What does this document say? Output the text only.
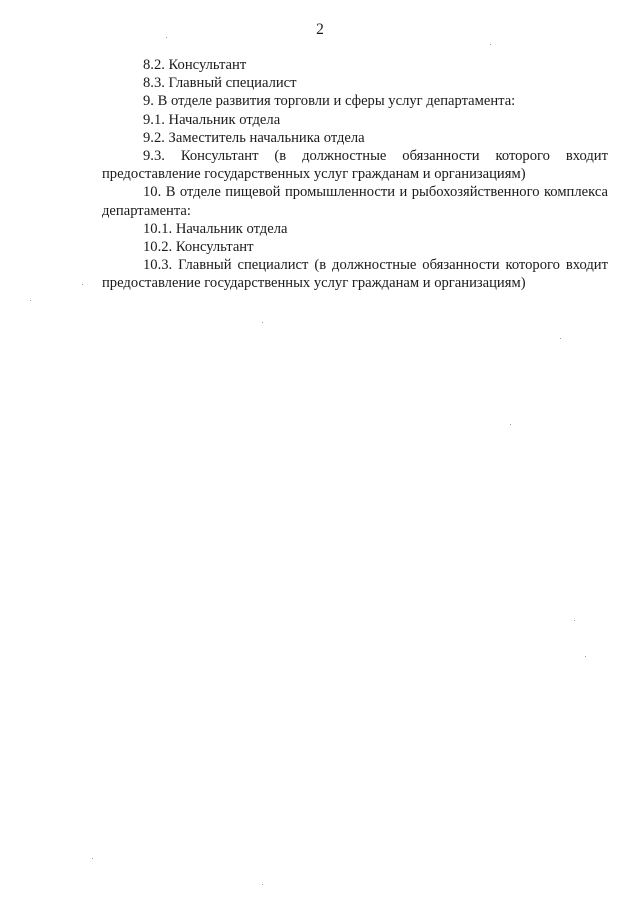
2

8.2. Консультант

8.3. Главный специалист

9. В отделе развития торговли и сферы услуг департамента:

9.1. Начальник отдела

9.2. Заместитель начальника отдела

9.3. Консультант (в должностные обязанности которого входит предоставление государственных услуг гражданам и организациям)

10. В отделе пищевой промышленности и рыбохозяйственного комплекса департамента:

10.1. Начальник отдела

10.2. Консультант

10.3. Главный специалист (в должностные обязанности которого входит предоставление государственных услуг гражданам и организациям)
